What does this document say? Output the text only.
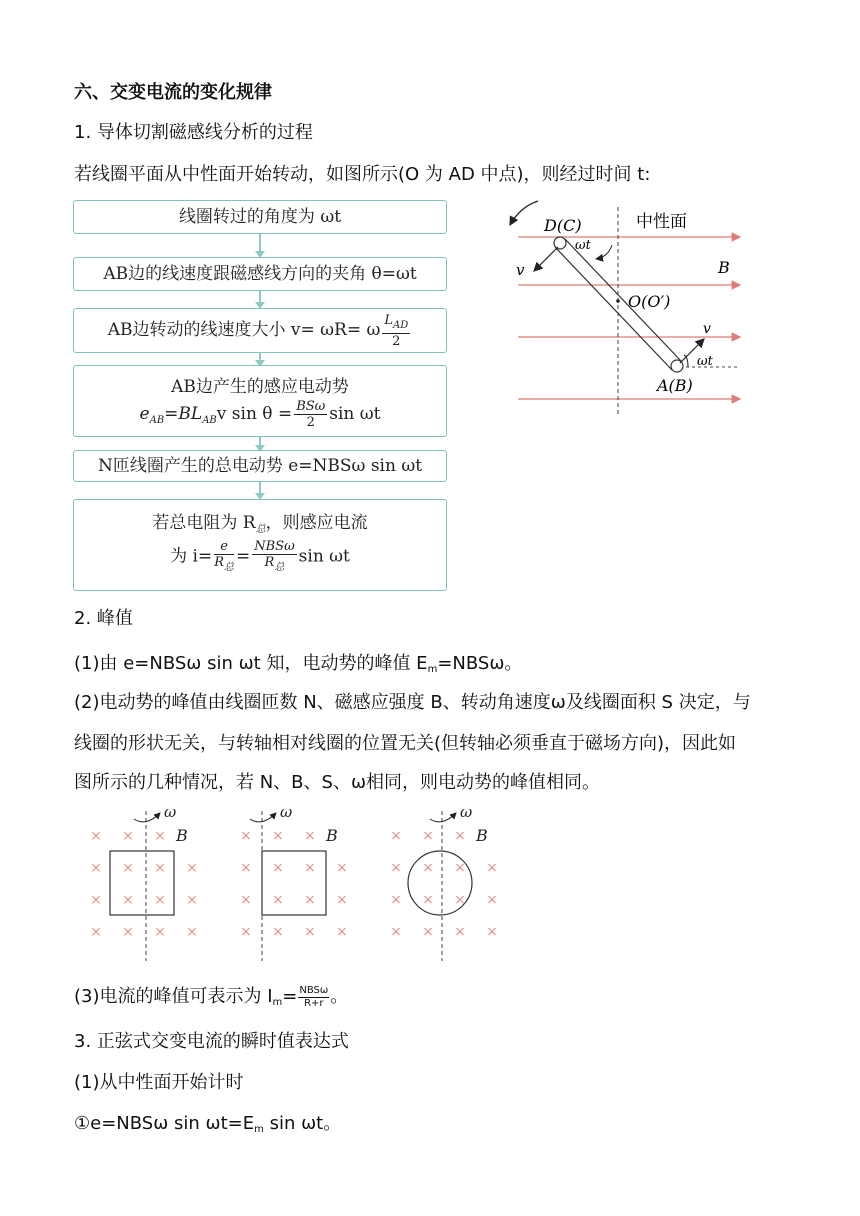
六、交变电流的变化规律
1. 导体切割磁感线分析的过程
若线圈平面从中性面开始转动，如图所示(O 为 AD 中点)，则经过时间 t:
线圈转过的角度为 ωt
AB边的线速度跟磁感线方向的夹角 θ=ωt
AB边转动的线速度大小 v= ωR= ω $\frac{L_{AD}}{2}$
AB边产生的感应电动势
$e_{AB}=BL_{AB}v$ $\sin \theta = \frac{\text{BSω}}{2}$ sin ωt
N匝线圈产生的总电动势 e=NBSω sin ωt
若总电阻为 $R_总$，则感应电流
为 $i= \frac{e}{R_总} = \frac{\text{NBSω}}{R_总}$ sin ωt
D(C)	中性面
ωt
v	B
O(O′)
v
ωt
A(B)
2. 峰值
(1)由 e=NBSω sin ωt 知，电动势的峰值 $E_m=NBS\omega$。
(2)电动势的峰值由线圈匝数 N、磁感应强度 B、转动角速度ω及线圈面积 S 决定，与
线圈的形状无关，与转轴相对线圈的位置无关(但转轴必须垂直于磁场方向)，因此如
图所示的几种情况，若 N、B、S、ω相同，则电动势的峰值相同。
× × ×
× × × ×
× × × ×
× × × ×
B
ω
× × ×
× × × ×
× × × ×
× × × ×
B
ω
× × ×
× × × ×
× × × ×
× × × ×
B
ω
(3)电流的峰值可表示为 $I_m= \frac{\text{NBSω}}{R+r}$ 。
3. 正弦式交变电流的瞬时值表达式
(1)从中性面开始计时
①e=NBSω $\sin \omega t=E_m$ sin ωt。
